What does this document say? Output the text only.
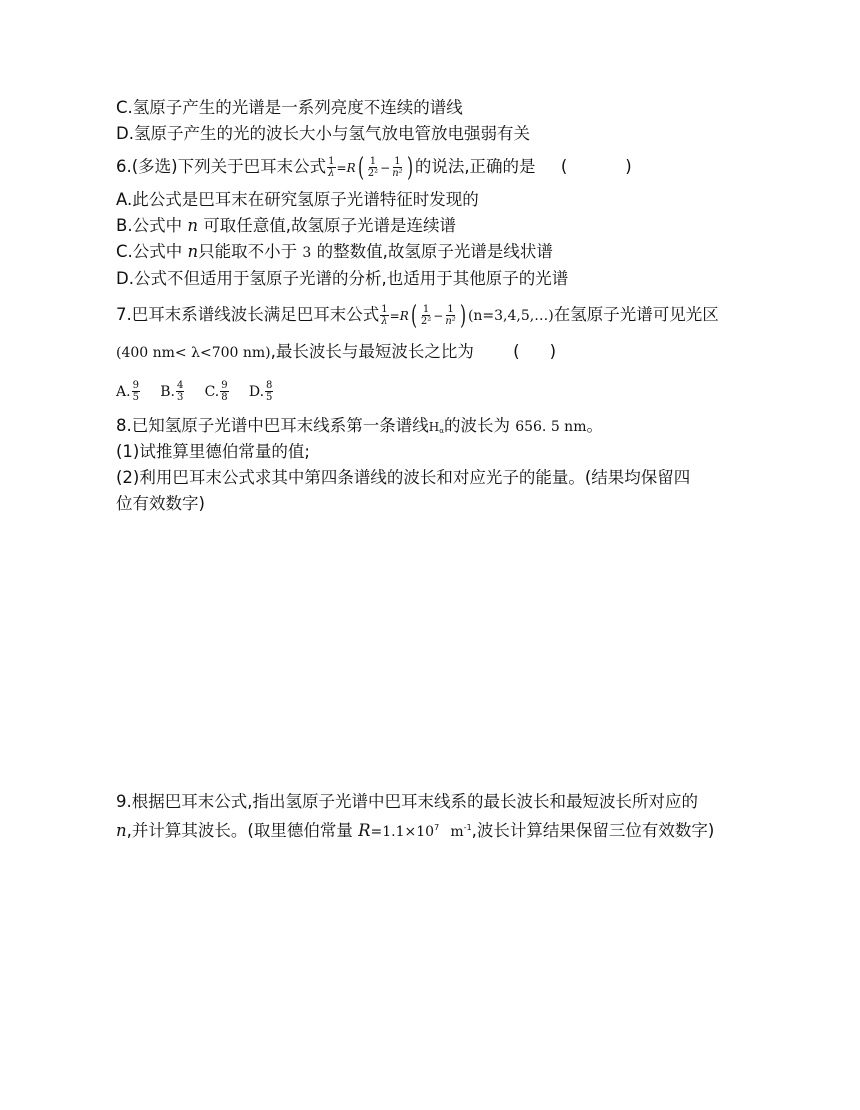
C.氢原子产生的光谱是一系列亮度不连续的谱线
D.氢原子产生的光的波长大小与氢气放电管放电强弱有关
6.(多选)下列关于巴耳末公式 $\frac{1}{\lambda} = R$ ( $\frac{1}{\text{2²}} - \frac{1}{\text{n²}}$ ) 的说法,正确的是 (	)
A.此公式是巴耳末在研究氢原子光谱特征时发现的
B.公式中 n 可取任意值,故氢原子光谱是连续谱
C.公式中 n只能取不小于 3 的整数值,故氢原子光谱是线状谱
D.公式不但适用于氢原子光谱的分析,也适用于其他原子的光谱
7.巴耳末系谱线波长满足巴耳末公式 $\frac{1}{\lambda} = R$ ( $\frac{1}{\text{2²}} - \frac{1}{\text{n²}}$ ) (n=3,4,5,…)在氢原子光谱可见光区
(400 nm< λ<700 nm),最长波长与最短波长之比为 ( )
A. $\frac{9}{5} B$. $\frac{4}{3} C$. $\frac{9}{8} D$. $\frac{8}{5}$
8.已知氢原子光谱中巴耳末线系第一条谱线$H_\alpha$的波长为 656. 5 nm。
(1)试推算里德伯常量的值;
(2)利用巴耳末公式求其中第四条谱线的波长和对应光子的能量。(结果均保留四
位有效数字)
9.根据巴耳末公式,指出氢原子光谱中巴耳末线系的最长波长和最短波长所对应的
n,并计算其波长。(取里德伯常量 $R=1.1\times 10^7$ $m^{-1}$,波长计算结果保留三位有效数字)
